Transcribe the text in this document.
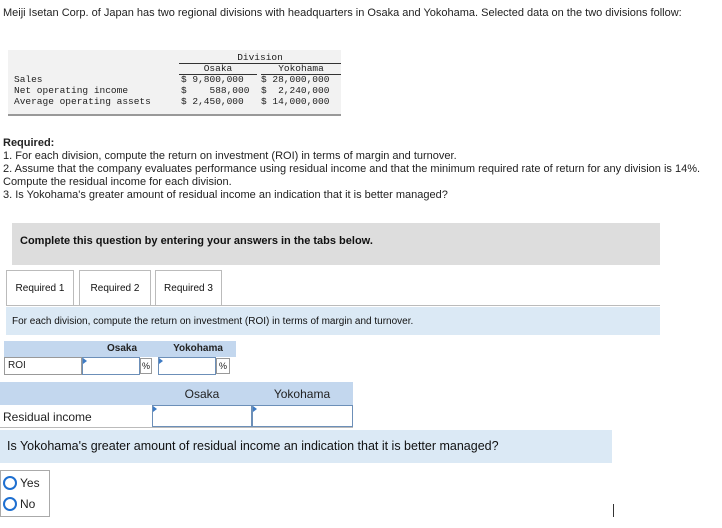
Meiji Isetan Corp. of Japan has two regional divisions with headquarters in Osaka and Yokohama. Selected data on the two divisions follow:
Division
Osaka	Yokohama
Sales	$ 9,800,000 $ 28,000,000
Net operating income	$    588,000 $  2,240,000
Average operating assets	$ 2,450,000 $ 14,000,000
Required:
1. For each division, compute the return on investment (ROI) in terms of margin and turnover.
2. Assume that the company evaluates performance using residual income and that the minimum required rate of return for any division is 14%. Compute the residual income for each division.
3. Is Yokohama's greater amount of residual income an indication that it is better managed?
Complete this question by entering your answers in the tabs below.
Required 1	Required 2	Required 3
For each division, compute the return on investment (ROI) in terms of margin and turnover.
Osaka	Yokohama
ROI	%	%
Osaka	Yokohama
Residual income
Is Yokohama's greater amount of residual income an indication that it is better managed?
Yes
No
